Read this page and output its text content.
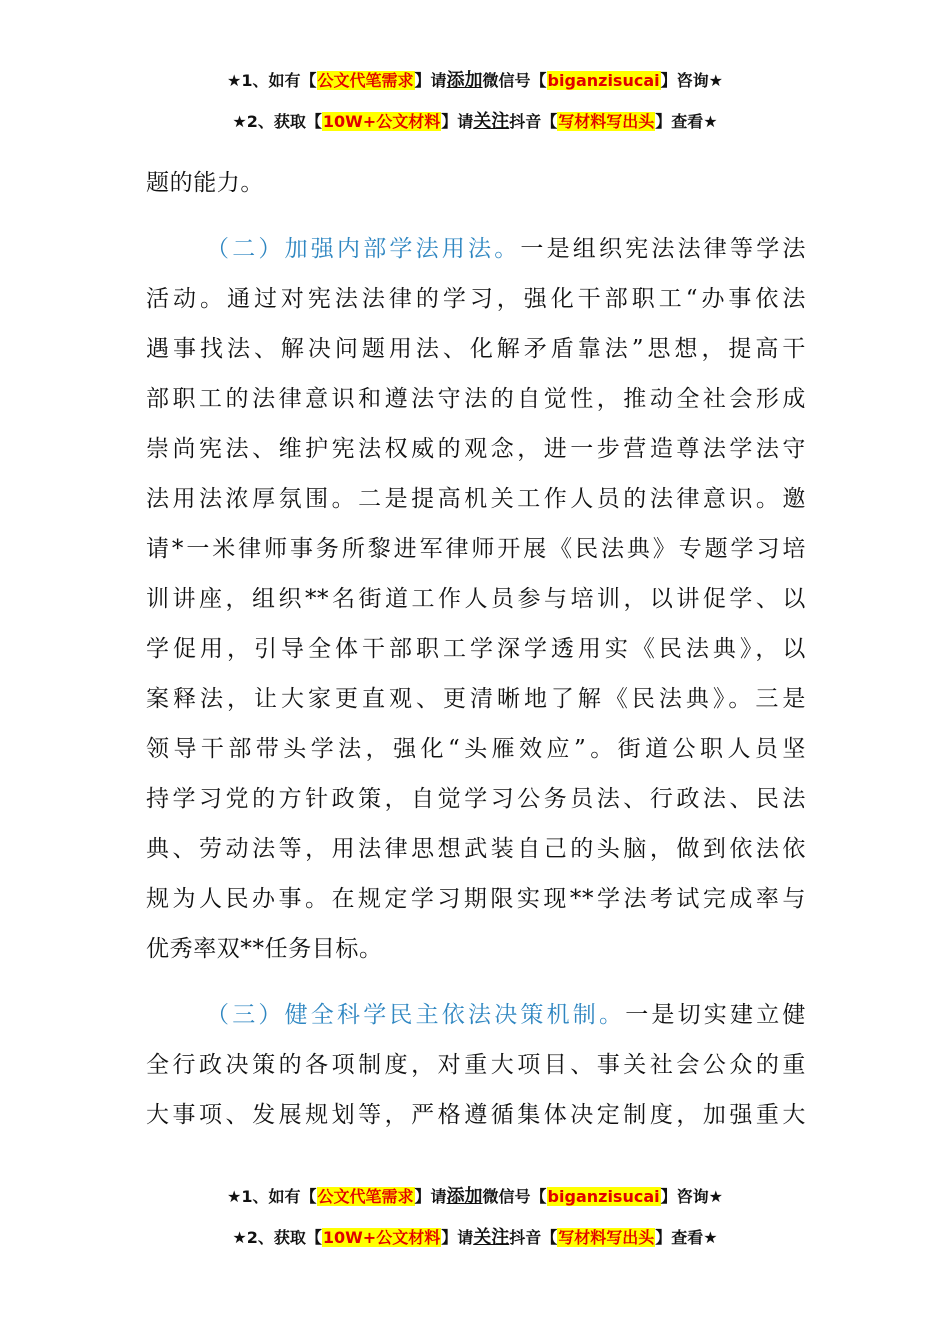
★1、如有【公文代笔需求】请添加微信号【biganzisucai】咨询★
★2、获取【10W+公文材料】请关注抖音【写材料写出头】查看★
题的能力。
（二）加强内部学法用法。一是组织宪法法律等学法
活动。通过对宪法法律的学习，强化干部职工“办事依法
遇事找法、解决问题用法、化解矛盾靠法”思想，提高干
部职工的法律意识和遵法守法的自觉性，推动全社会形成
崇尚宪法、维护宪法权威的观念，进一步营造尊法学法守
法用法浓厚氛围。二是提高机关工作人员的法律意识。邀
请*一米律师事务所黎进军律师开展《民法典》专题学习培
训讲座，组织**名街道工作人员参与培训，以讲促学、以
学促用，引导全体干部职工学深学透用实《民法典》，以
案释法，让大家更直观、更清晰地了解《民法典》。三是
领导干部带头学法，强化“头雁效应”。街道公职人员坚
持学习党的方针政策，自觉学习公务员法、行政法、民法
典、劳动法等，用法律思想武装自己的头脑，做到依法依
规为人民办事。在规定学习期限实现**学法考试完成率与
优秀率双**任务目标。
（三）健全科学民主依法决策机制。一是切实建立健
全行政决策的各项制度，对重大项目、事关社会公众的重
大事项、发展规划等，严格遵循集体决定制度，加强重大
★1、如有【公文代笔需求】请添加微信号【biganzisucai】咨询★
★2、获取【10W+公文材料】请关注抖音【写材料写出头】查看★
